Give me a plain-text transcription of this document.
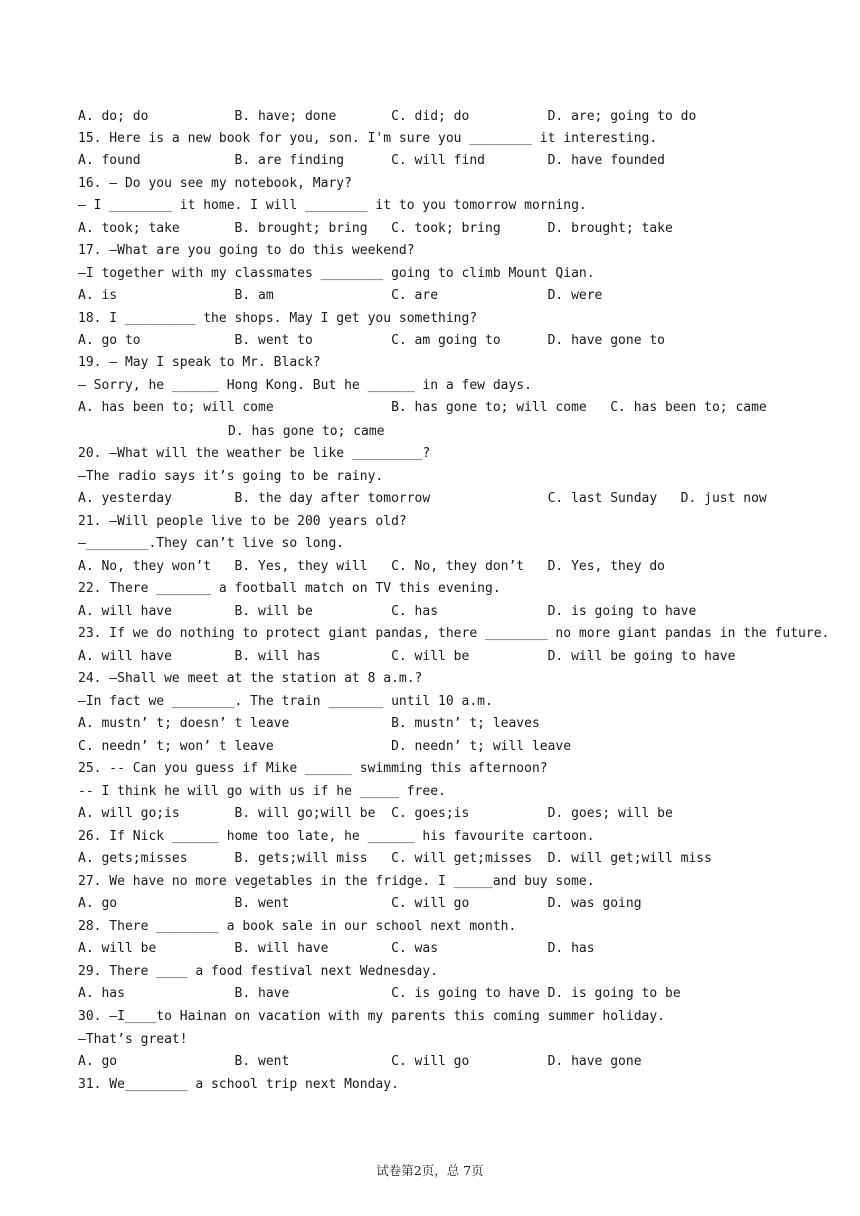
A. do; do           B. have; done       C. did; do          D. are; going to do
15. Here is a new book for you, son. I'm sure you ________ it interesting.
A. found            B. are finding      C. will find        D. have founded
16. — Do you see my notebook, Mary?
— I ________ it home. I will ________ it to you tomorrow morning.
A. took; take       B. brought; bring   C. took; bring      D. brought; take
17. —What are you going to do this weekend?
—I together with my classmates ________ going to climb Mount Qian.
A. is               B. am               C. are              D. were
18. I _________ the shops. May I get you something?
A. go to            B. went to          C. am going to      D. have gone to
19. — May I speak to Mr. Black?
— Sorry, he ______ Hong Kong. But he ______ in a few days.
A. has been to; will come               B. has gone to; will come   C. has been to; came
D. has gone to; came
20. —What will the weather be like _________?
—The radio says it’s going to be rainy.
A. yesterday        B. the day after tomorrow               C. last Sunday   D. just now
21. —Will people live to be 200 years old?
—________.They can’t live so long.
A. No, they won’t   B. Yes, they will   C. No, they don’t   D. Yes, they do
22. There _______ a football match on TV this evening.
A. will have        B. will be          C. has              D. is going to have
23. If we do nothing to protect giant pandas, there ________ no more giant pandas in the future.
A. will have        B. will has         C. will be          D. will be going to have
24. —Shall we meet at the station at 8 a.m.?
—In fact we ________. The train _______ until 10 a.m.
A. mustn’ t; doesn’ t leave             B. mustn’ t; leaves
C. needn’ t; won’ t leave               D. needn’ t; will leave
25. -- Can you guess if Mike ______ swimming this afternoon?
-- I think he will go with us if he _____ free.
A. will go;is       B. will go;will be  C. goes;is          D. goes; will be
26. If Nick ______ home too late, he ______ his favourite cartoon.
A. gets;misses      B. gets;will miss   C. will get;misses  D. will get;will miss
27. We have no more vegetables in the fridge. I _____and buy some.
A. go               B. went             C. will go          D. was going
28. There ________ a book sale in our school next month.
A. will be          B. will have        C. was              D. has
29. There ____ a food festival next Wednesday.
A. has              B. have             C. is going to have D. is going to be
30. —I____to Hainan on vacation with my parents this coming summer holiday.
—That’s great!
A. go               B. went             C. will go          D. have gone
31. We________ a school trip next Monday.
试卷第2页，总 7页
